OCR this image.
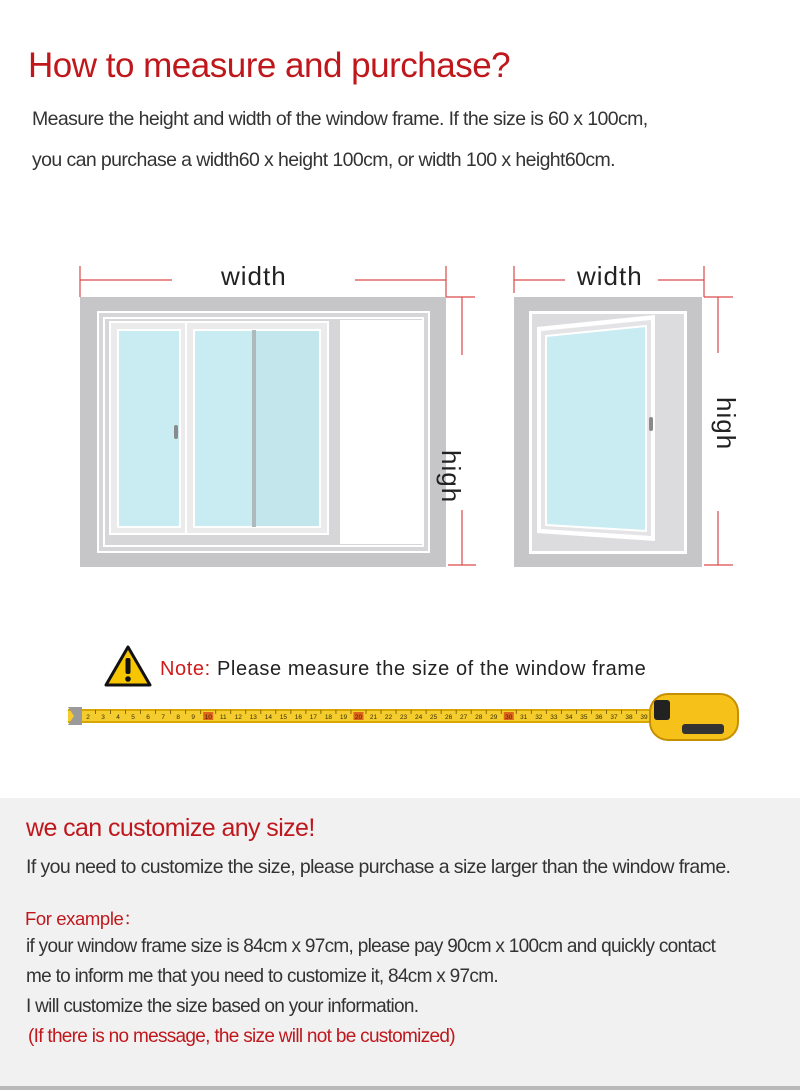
How to measure and purchase?
Measure the height and width of the window frame. If the size is 60 x 100cm,
you can purchase a width60 x height 100cm, or width 100 x height60cm.
width
high
width
high
Note: Please measure the size of the window frame
2 3 4 5 6 7 8 9 10 11 12 13 14 15 16 17 18 19 20 21 22 23 24 25 26 27 28 29 30 31 32 33 34 35 36 37 38 39
we can customize any size!
If you need to customize the size, please purchase a size larger than the window frame.
For example：
if your window frame size is 84cm x 97cm, please pay 90cm x 100cm and quickly contact
me to inform me that you need to customize it, 84cm x 97cm.
I will customize the size based on your information.
(If there is no message, the size will not be customized)
